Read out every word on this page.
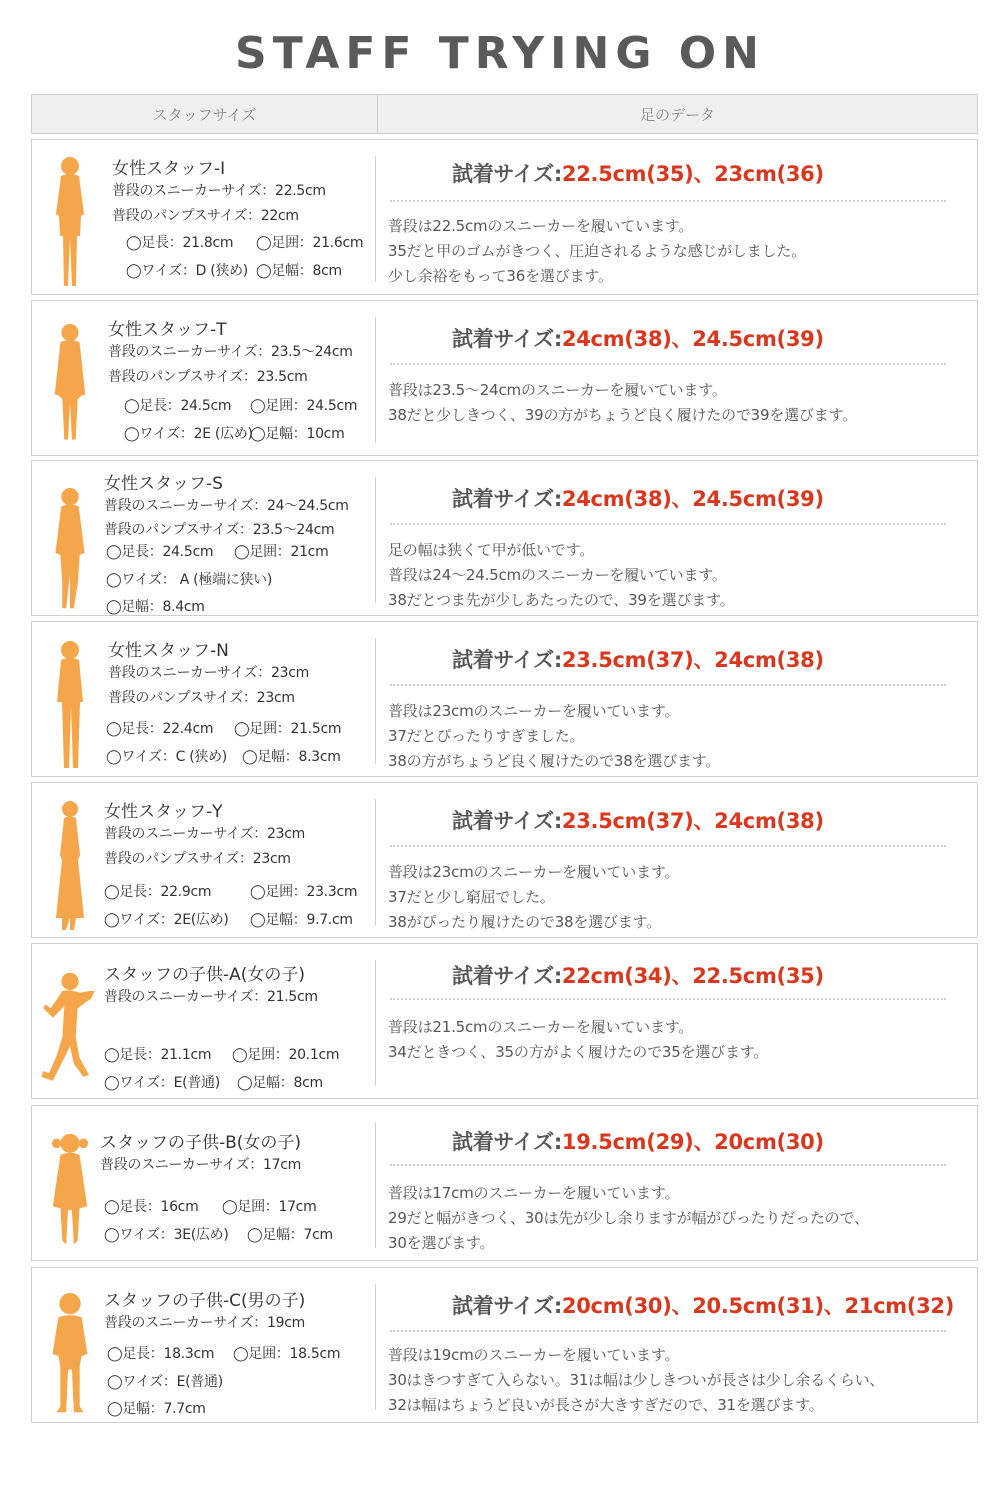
STAFF TRYING ON
スタッフサイズ	足のデータ
女性スタッフ-I
普段のスニーカーサイズ：22.5cm
普段のパンプスサイズ：22cm
◯足長：21.8cm ◯足囲：21.6cm
◯ワイズ：D (狭め) ◯足幅：8cm
試着サイズ:22.5cm(35)、23cm(36)
普段は22.5cmのスニーカーを履いています。
35だと甲のゴムがきつく、圧迫されるような感じがしました。
少し余裕をもって36を選びます。
女性スタッフ-T
普段のスニーカーサイズ：23.5〜24cm
普段のパンプスサイズ：23.5cm
◯足長：24.5cm ◯足囲：24.5cm
◯ワイズ：2E (広め)
◯足幅：10cm
試着サイズ:24cm(38)、24.5cm(39)
普段は23.5〜24cmのスニーカーを履いています。
38だと少しきつく、39の方がちょうど良く履けたので39を選びます。
女性スタッフ-S
普段のスニーカーサイズ：24〜24.5cm
普段のパンプスサイズ：23.5〜24cm
◯足長：24.5cm ◯足囲：21cm
◯ワイズ： A (極端に狭い)
◯足幅：8.4cm
試着サイズ:24cm(38)、24.5cm(39)
足の幅は狭くて甲が低いです。
普段は24〜24.5cmのスニーカーを履いています。
38だとつま先が少しあたったので、39を選びます。
女性スタッフ-N
普段のスニーカーサイズ：23cm
普段のパンプスサイズ：23cm
◯足長：22.4cm ◯足囲：21.5cm
◯ワイズ：C (狭め) ◯足幅：8.3cm
試着サイズ:23.5cm(37)、24cm(38)
普段は23cmのスニーカーを履いています。
37だとぴったりすぎました。
38の方がちょうど良く履けたので38を選びます。
女性スタッフ-Y
普段のスニーカーサイズ：23cm
普段のパンプスサイズ：23cm
◯足長：22.9cm	◯足囲：23.3cm
◯ワイズ：2E(広め) ◯足幅：9.7.cm
試着サイズ:23.5cm(37)、24cm(38)
普段は23cmのスニーカーを履いています。
37だと少し窮屈でした。
38がぴったり履けたので38を選びます。
スタッフの子供-A(女の子)
普段のスニーカーサイズ：21.5cm
◯足長：21.1cm ◯足囲：20.1cm
◯ワイズ：E(普通) ◯足幅：8cm
試着サイズ:22cm(34)、22.5cm(35)
普段は21.5cmのスニーカーを履いています。
34だときつく、35の方がよく履けたので35を選びます。
スタッフの子供-B(女の子)
普段のスニーカーサイズ：17cm
◯足長：16cm ◯足囲：17cm
◯ワイズ：3E(広め) ◯足幅：7cm
試着サイズ:19.5cm(29)、20cm(30)
普段は17cmのスニーカーを履いています。
29だと幅がきつく、30は先が少し余りますが幅がぴったりだったので、
30を選びます。
スタッフの子供-C(男の子)
普段のスニーカーサイズ：19cm
◯足長：18.3cm ◯足囲：18.5cm
◯ワイズ：E(普通)
◯足幅：7.7cm
試着サイズ:20cm(30)、20.5cm(31)、21cm(32)
普段は19cmのスニーカーを履いています。
30はきつすぎて入らない。31は幅は少しきついが長さは少し余るくらい、
32は幅はちょうど良いが長さが大きすぎだので、31を選びます。
